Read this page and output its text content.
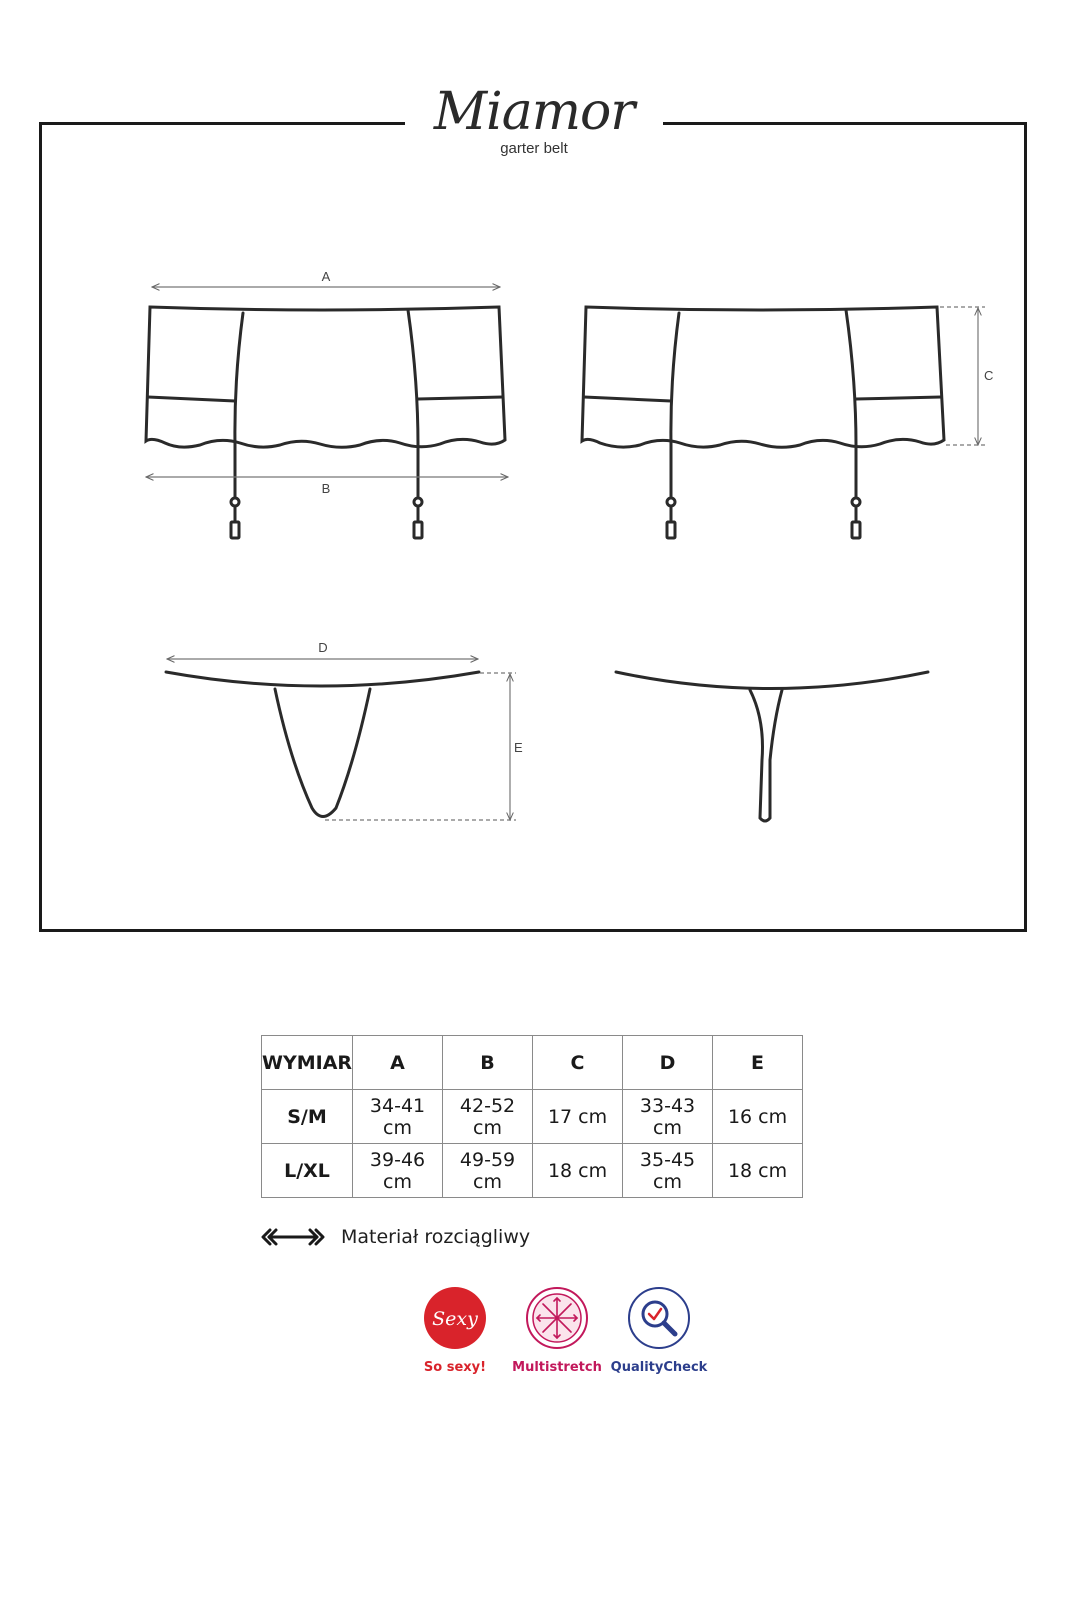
Miamor
garter belt
A
B
C
D
E
WYMIAR	A	B	C	D	E
S/M	34-41 cm	42-52 cm	17 cm	33-43 cm	16 cm
L/XL	39-46 cm	49-59 cm	18 cm	35-45 cm	18 cm
Materiał rozciągliwy
Sexy
So sexy!	Multistretch QualityCheck
